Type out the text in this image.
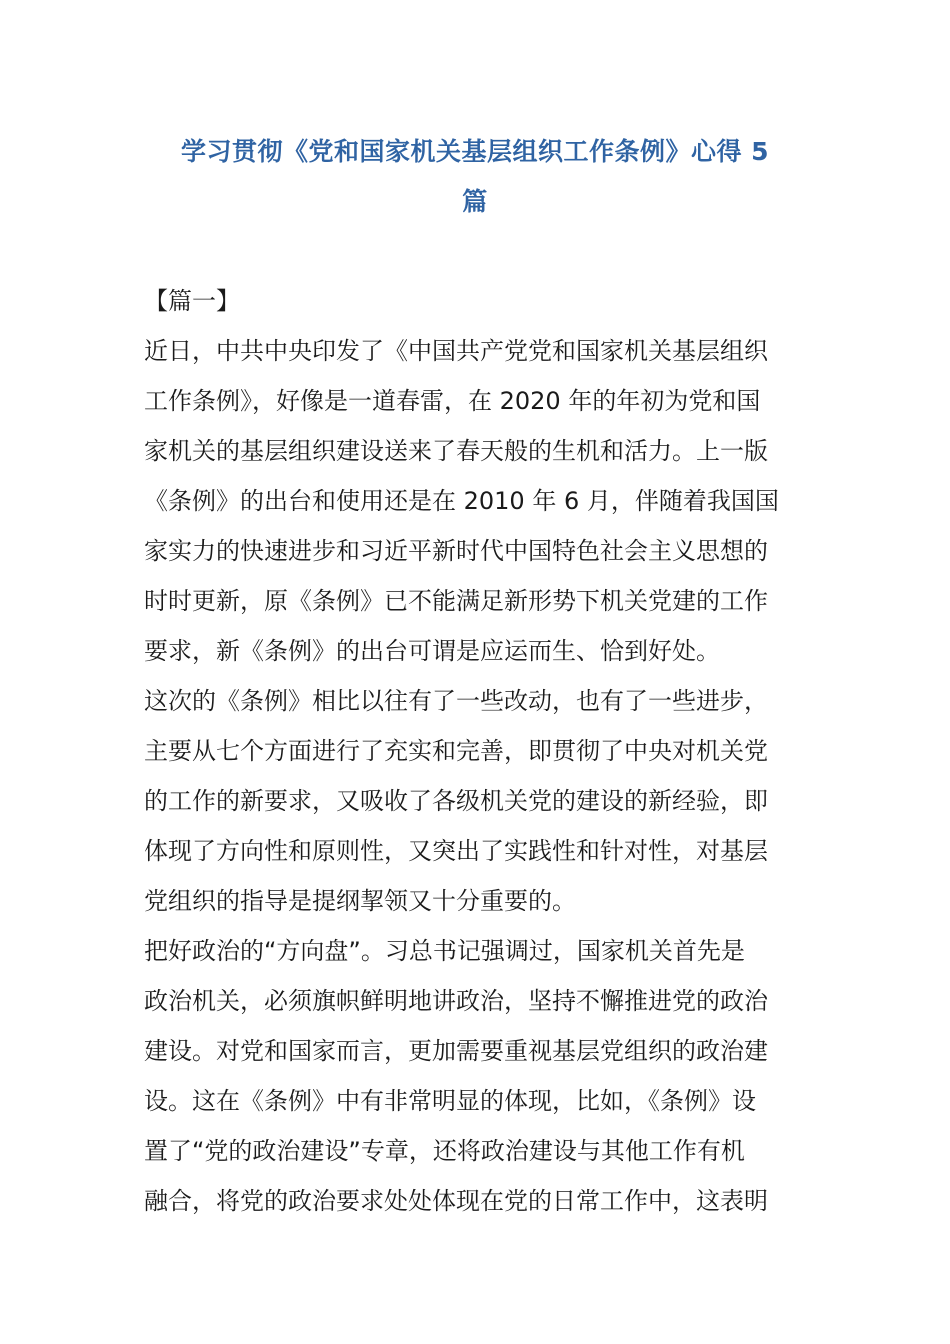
学习贯彻《党和国家机关基层组织工作条例》心得 5
篇
【篇一】
近日，中共中央印发了《中国共产党党和国家机关基层组织
工作条例》，好像是一道春雷，在 2020 年的年初为党和国
家机关的基层组织建设送来了春天般的生机和活力。上一版
《条例》的出台和使用还是在 2010 年 6 月，伴随着我国国
家实力的快速进步和习近平新时代中国特色社会主义思想的
时时更新，原《条例》已不能满足新形势下机关党建的工作
要求，新《条例》的出台可谓是应运而生、恰到好处。
这次的《条例》相比以往有了一些改动，也有了一些进步，
主要从七个方面进行了充实和完善，即贯彻了中央对机关党
的工作的新要求，又吸收了各级机关党的建设的新经验，即
体现了方向性和原则性，又突出了实践性和针对性，对基层
党组织的指导是提纲挈领又十分重要的。
把好政治的“方向盘”。习总书记强调过，国家机关首先是
政治机关，必须旗帜鲜明地讲政治，坚持不懈推进党的政治
建设。对党和国家而言，更加需要重视基层党组织的政治建
设。这在《条例》中有非常明显的体现，比如，《条例》设
置了“党的政治建设”专章，还将政治建设与其他工作有机
融合，将党的政治要求处处体现在党的日常工作中，这表明
